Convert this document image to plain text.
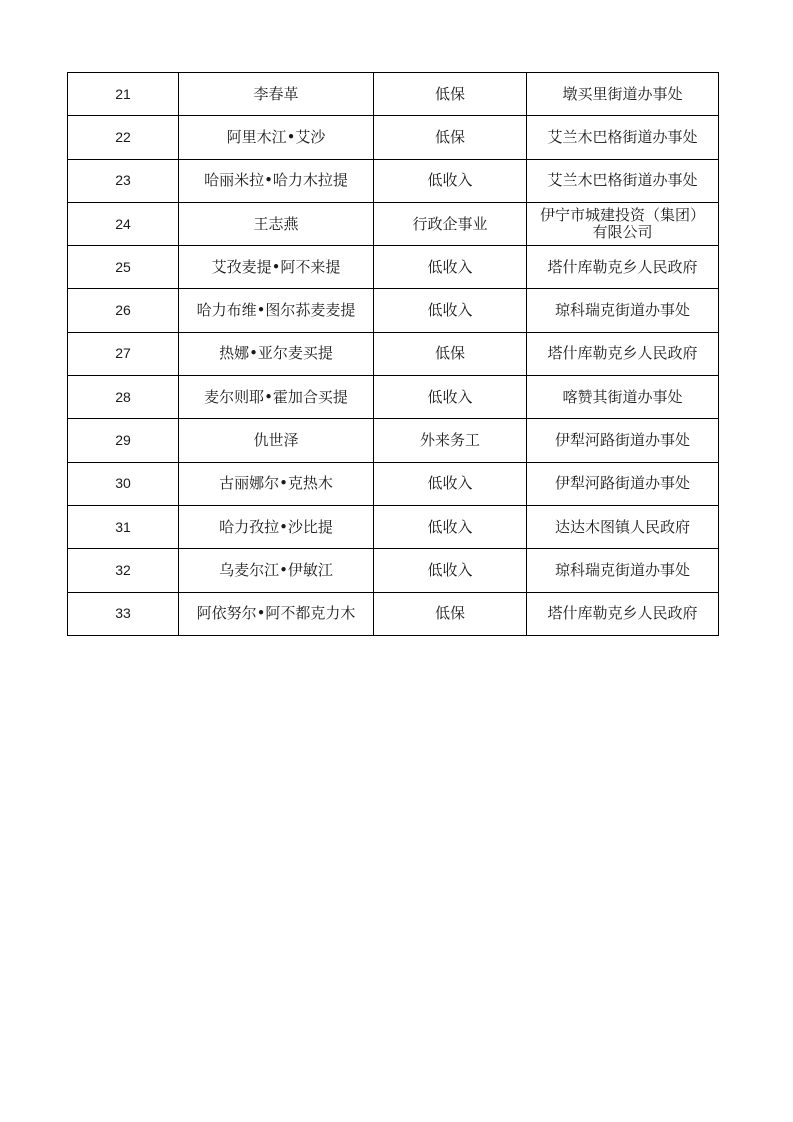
21	李春革	低保	墩买里街道办事处

22	阿里木江•艾沙	低保	艾兰木巴格街道办事处

23	哈丽米拉•哈力木拉提	低收入	艾兰木巴格街道办事处

24	王志燕	行政企事业	伊宁市城建投资（集团）
有限公司

25	艾孜麦提•阿不来提	低收入	塔什库勒克乡人民政府

26	哈力布维•图尔荪麦麦提	低收入	琼科瑞克街道办事处

27	热娜•亚尔麦买提	低保	塔什库勒克乡人民政府

28	麦尔则耶•霍加合买提	低收入	喀赞其街道办事处

29	仇世泽	外来务工	伊犁河路街道办事处

30	古丽娜尔•克热木	低收入	伊犁河路街道办事处

31	哈力孜拉•沙比提	低收入	达达木图镇人民政府

32	乌麦尔江•伊敏江	低收入	琼科瑞克街道办事处

33	阿依努尔•阿不都克力木	低保	塔什库勒克乡人民政府
